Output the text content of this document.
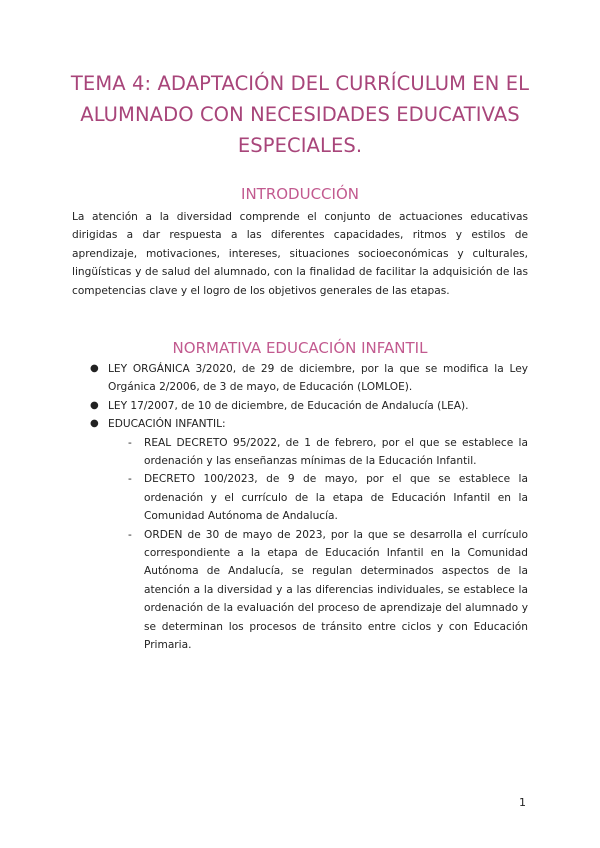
TEMA 4: ADAPTACIÓN DEL CURRÍCULUM EN EL ALUMNADO CON NECESIDADES EDUCATIVAS ESPECIALES.
INTRODUCCIÓN

La atención a la diversidad comprende el conjunto de actuaciones educativas dirigidas a dar respuesta a las diferentes capacidades, ritmos y estilos de aprendizaje, motivaciones, intereses, situaciones socioeconómicas y culturales, lingüísticas y de salud del alumnado, con la finalidad de facilitar la adquisición de las competencias clave y el logro de los objetivos generales de las etapas.

NORMATIVA EDUCACIÓN INFANTIL
● LEY ORGÁNICA 3/2020, de 29 de diciembre, por la que se modifica la Ley Orgánica 2/2006, de 3 de mayo, de Educación (LOMLOE).
● LEY 17/2007, de 10 de diciembre, de Educación de Andalucía (LEA).
● EDUCACIÓN INFANTIL:
- REAL DECRETO 95/2022, de 1 de febrero, por el que se establece la ordenación y las enseñanzas mínimas de la Educación Infantil.
- DECRETO 100/2023, de 9 de mayo, por el que se establece la ordenación y el currículo de la etapa de Educación Infantil en la Comunidad Autónoma de Andalucía.
- ORDEN de 30 de mayo de 2023, por la que se desarrolla el currículo correspondiente a la etapa de Educación Infantil en la Comunidad Autónoma de Andalucía, se regulan determinados aspectos de la atención a la diversidad y a las diferencias individuales, se establece la ordenación de la evaluación del proceso de aprendizaje del alumnado y se determinan los procesos de tránsito entre ciclos y con Educación Primaria.
1
